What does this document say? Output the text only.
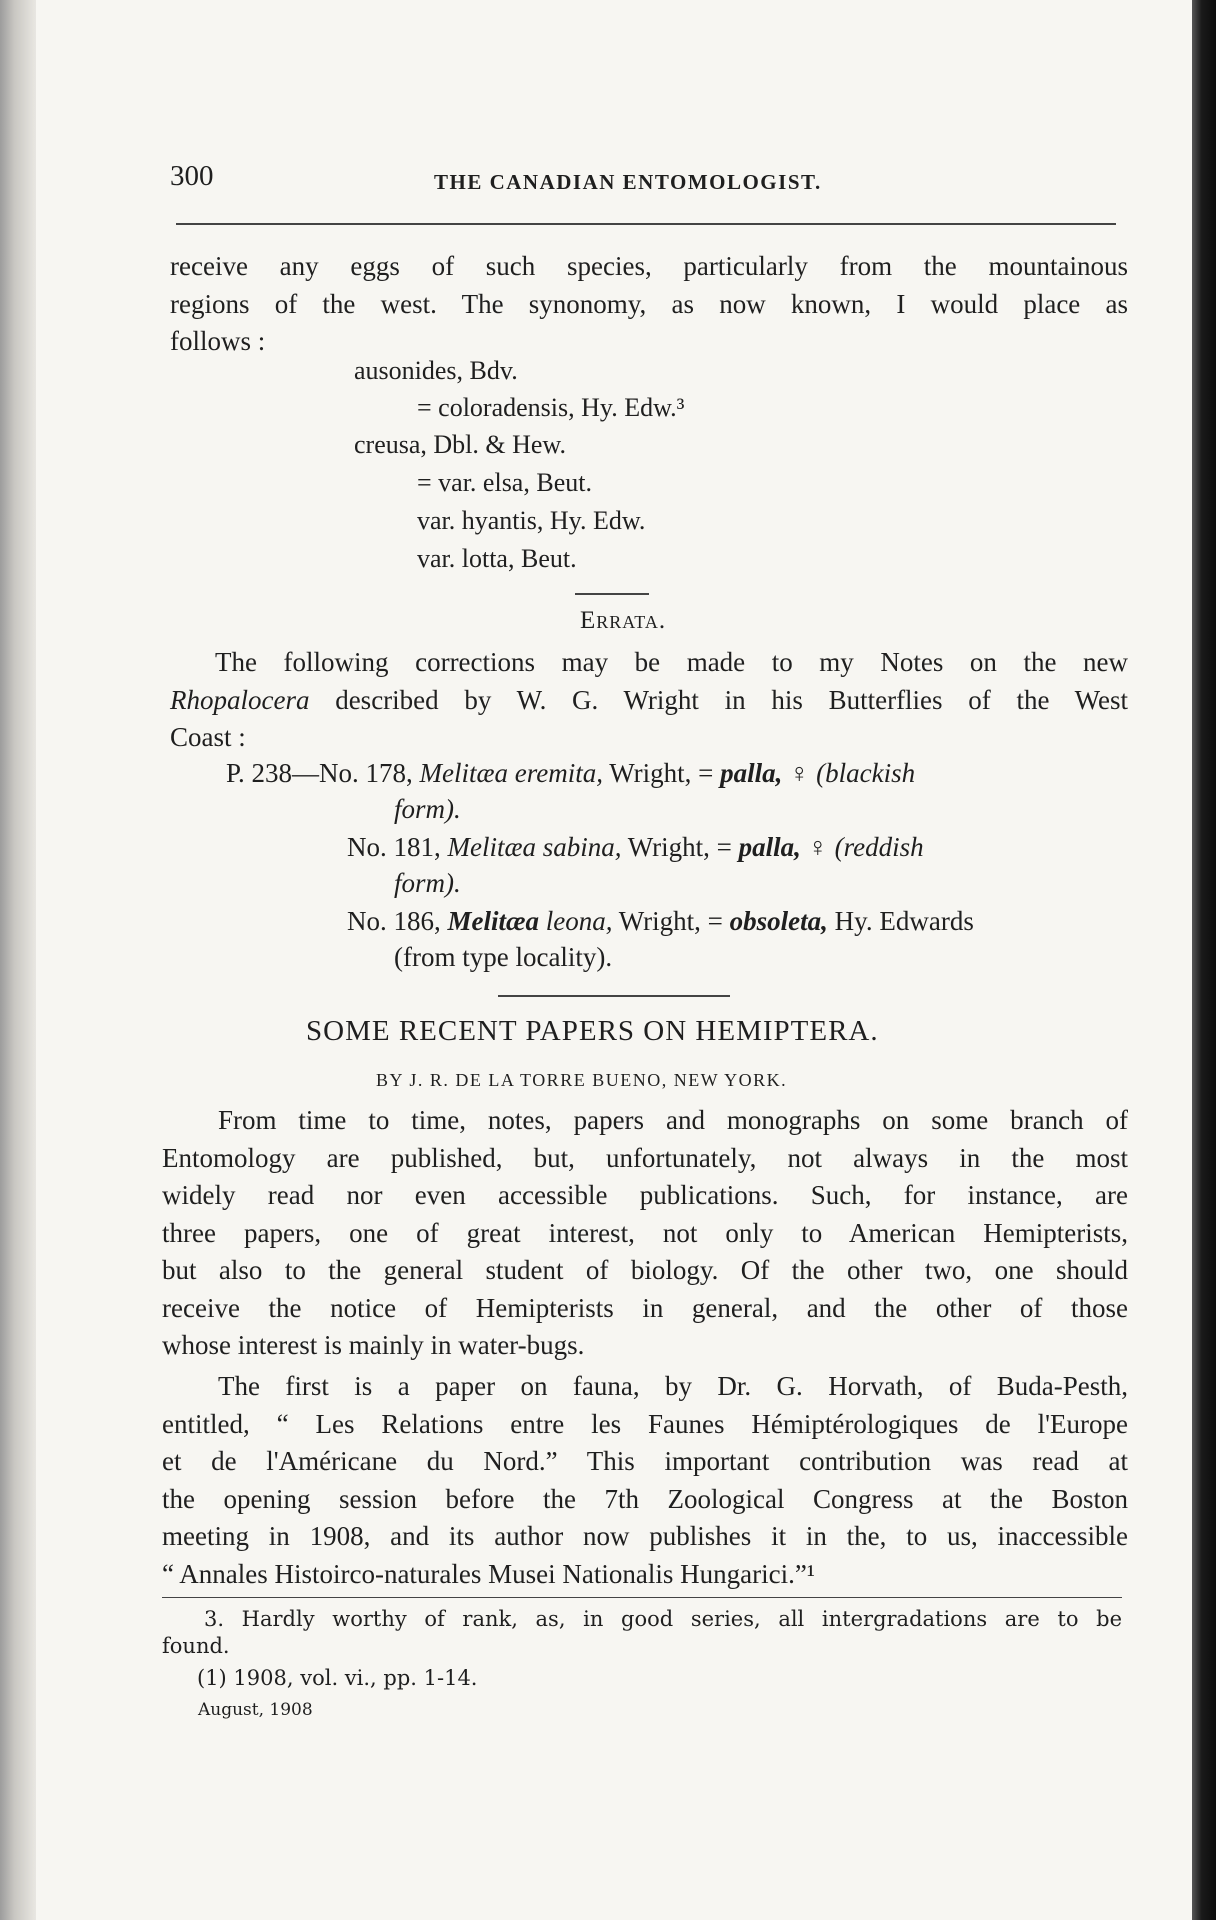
300	THE CANADIAN ENTOMOLOGIST.
receive any eggs of such species, particularly from the mountainous
regions of the west. The synonomy, as now known, I would place as
follows :
ausonides, Bdv.
= coloradensis, Hy. Edw.³
creusa, Dbl. & Hew.
= var. elsa, Beut.
var. hyantis, Hy. Edw.
var. lotta, Beut.
Errata.
The following corrections may be made to my Notes on the new
Rhopalocera described by W. G. Wright in his Butterflies of the West
Coast :
P. 238—No. 178, Melitæa eremita, Wright, = palla, ♀ (blackish
form).
No. 181, Melitæa sabina, Wright, = palla, ♀ (reddish
form).
No. 186, Melitæa leona, Wright, = obsoleta, Hy. Edwards
(from type locality).
SOME RECENT PAPERS ON HEMIPTERA.
BY J. R. DE LA TORRE BUENO, NEW YORK.
From time to time, notes, papers and monographs on some branch of
Entomology are published, but, unfortunately, not always in the most
widely read nor even accessible publications. Such, for instance, are
three papers, one of great interest, not only to American Hemipterists,
but also to the general student of biology. Of the other two, one should
receive the notice of Hemipterists in general, and the other of those
whose interest is mainly in water-bugs.
The first is a paper on fauna, by Dr. G. Horvath, of Buda-Pesth,
entitled, “ Les Relations entre les Faunes Hémiptérologiques de l'Europe
et de l'Américane du Nord.” This important contribution was read at
the opening session before the 7th Zoological Congress at the Boston
meeting in 1908, and its author now publishes it in the, to us, inaccessible
“ Annales Histoirco-naturales Musei Nationalis Hungarici.”¹
3. Hardly worthy of rank, as, in good series, all intergradations are to be
found.
(1) 1908, vol. vi., pp. 1-14.
August, 1908
